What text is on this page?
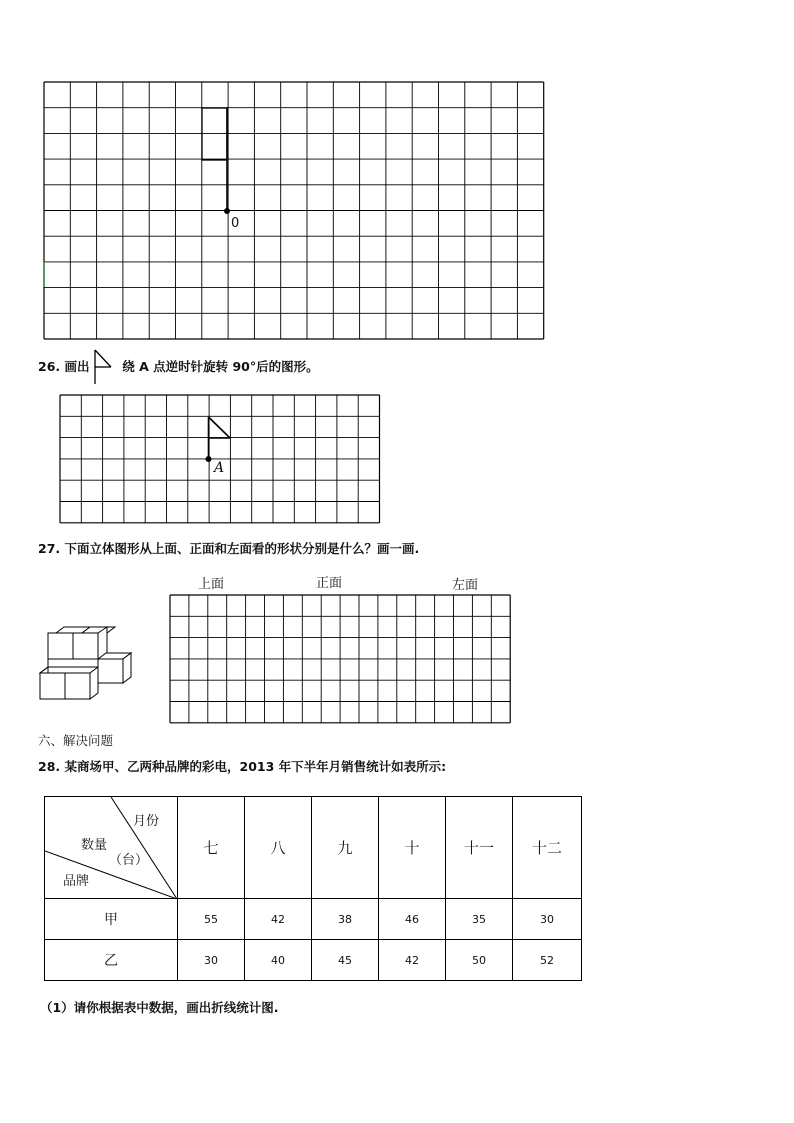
0
26. 画出	绕 A 点逆时针旋转 90°后的图形。
A
27. 下面立体图形从上面、正面和左面看的形状分别是什么？画一画.
上面	正面	左面
六、解决问题
28. 某商场甲、乙两种品牌的彩电，2013 年下半年月销售统计如表所示:
月份
数量
（台）
品牌	七	八	九	十	十一	十二
甲	55	42	38	46	35	30
乙	30	40	45	42	50	52
（1）请你根据表中数据，画出折线统计图.
